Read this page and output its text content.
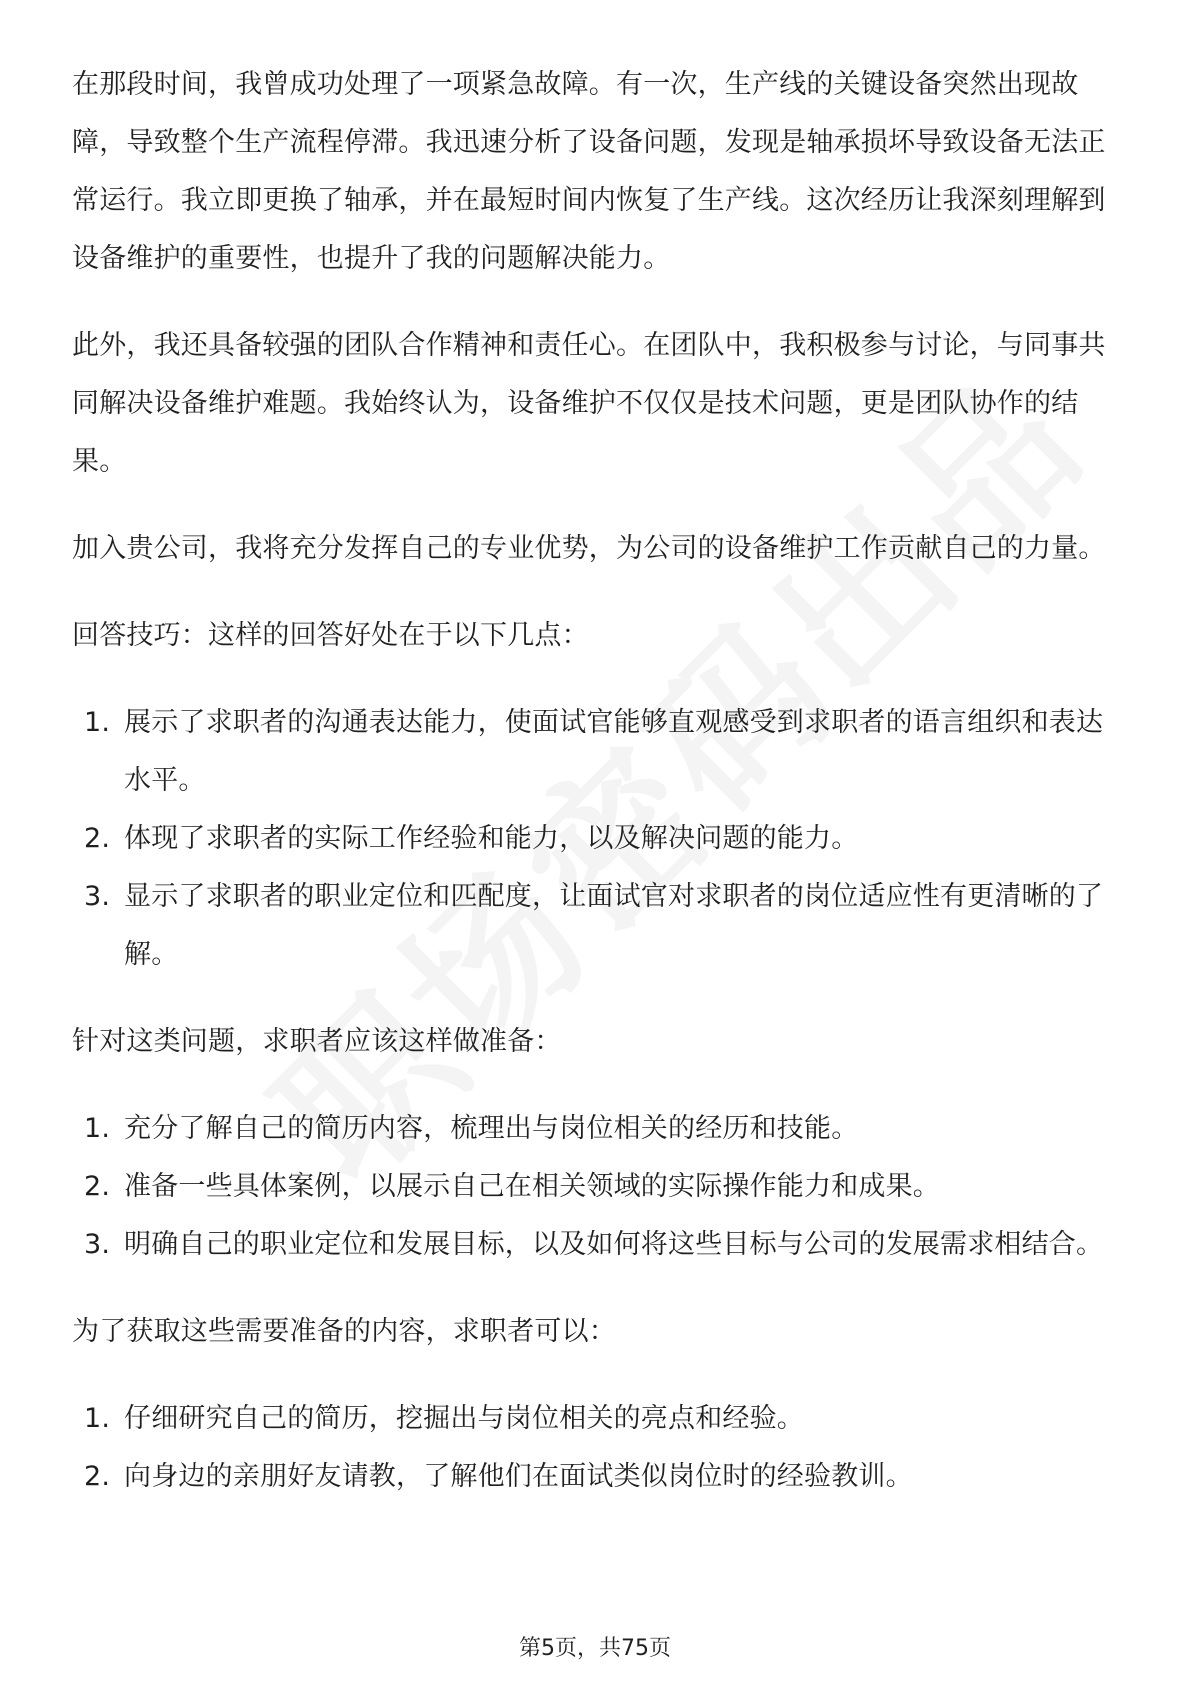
在那段时间，我曾成功处理了一项紧急故障。有一次，生产线的关键设备突然出现故障，导致整个生产流程停滞。我迅速分析了设备问题，发现是轴承损坏导致设备无法正常运行。我立即更换了轴承，并在最短时间内恢复了生产线。这次经历让我深刻理解到设备维护的重要性，也提升了我的问题解决能力。

此外，我还具备较强的团队合作精神和责任心。在团队中，我积极参与讨论，与同事共同解决设备维护难题。我始终认为，设备维护不仅仅是技术问题，更是团队协作的结果。

加入贵公司，我将充分发挥自己的专业优势，为公司的设备维护工作贡献自己的力量。

回答技巧：这样的回答好处在于以下几点：

1. 展示了求职者的沟通表达能力，使面试官能够直观感受到求职者的语言组织和表达水平。
2. 体现了求职者的实际工作经验和能力，以及解决问题的能力。
3. 显示了求职者的职业定位和匹配度，让面试官对求职者的岗位适应性有更清晰的了解。

针对这类问题，求职者应该这样做准备：

1. 充分了解自己的简历内容，梳理出与岗位相关的经历和技能。
2. 准备一些具体案例，以展示自己在相关领域的实际操作能力和成果。
3. 明确自己的职业定位和发展目标，以及如何将这些目标与公司的发展需求相结合。

为了获取这些需要准备的内容，求职者可以：

1. 仔细研究自己的简历，挖掘出与岗位相关的亮点和经验。
2. 向身边的亲朋好友请教，了解他们在面试类似岗位时的经验教训。
第5页，共75页
